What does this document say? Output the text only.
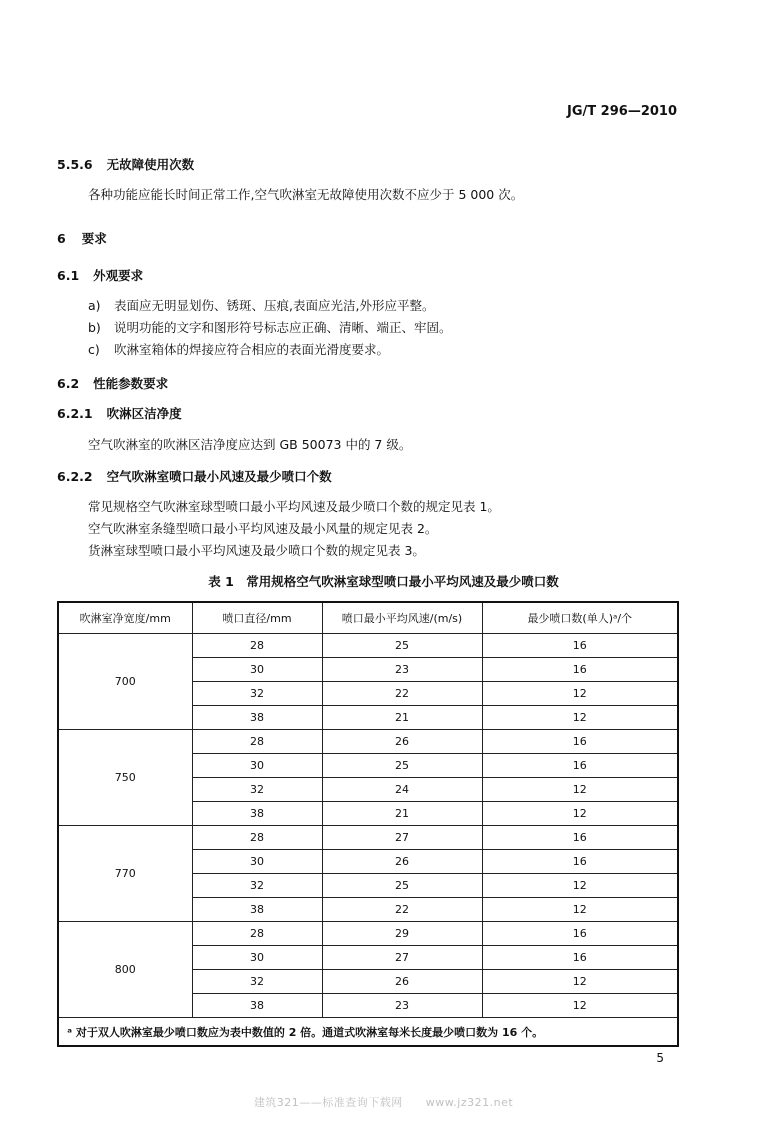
JG/T 296—2010
5.5.6 无故障使用次数
各种功能应能长时间正常工作,空气吹淋室无故障使用次数不应少于 5 000 次。
6 要求
6.1 外观要求
a) 表面应无明显划伤、锈斑、压痕,表面应光洁,外形应平整。
b) 说明功能的文字和图形符号标志应正确、清晰、端正、牢固。
c) 吹淋室箱体的焊接应符合相应的表面光滑度要求。
6.2 性能参数要求
6.2.1 吹淋区洁净度
空气吹淋室的吹淋区洁净度应达到 GB 50073 中的 7 级。
6.2.2 空气吹淋室喷口最小风速及最少喷口个数
常见规格空气吹淋室球型喷口最小平均风速及最少喷口个数的规定见表 1。
空气吹淋室条缝型喷口最小平均风速及最小风量的规定见表 2。
货淋室球型喷口最小平均风速及最少喷口个数的规定见表 3。
表 1　常用规格空气吹淋室球型喷口最小平均风速及最少喷口数
吹淋室净宽度/mm	喷口直径/mm	喷口最小平均风速/(m/s)	最少喷口数(单人)ᵃ/个
700	28	25	16
	30	23	16
	32	22	12
	38	21	12
750	28	26	16
	30	25	16
	32	24	12
	38	21	12
770	28	27	16
	30	26	16
	32	25	12
	38	22	12
800	28	29	16
	30	27	16
	32	26	12
	38	23	12
ᵃ 对于双人吹淋室最少喷口数应为表中数值的 2 倍。通道式吹淋室每米长度最少喷口数为 16 个。			
5
建筑321——标准查询下载网　　www.jz321.net
